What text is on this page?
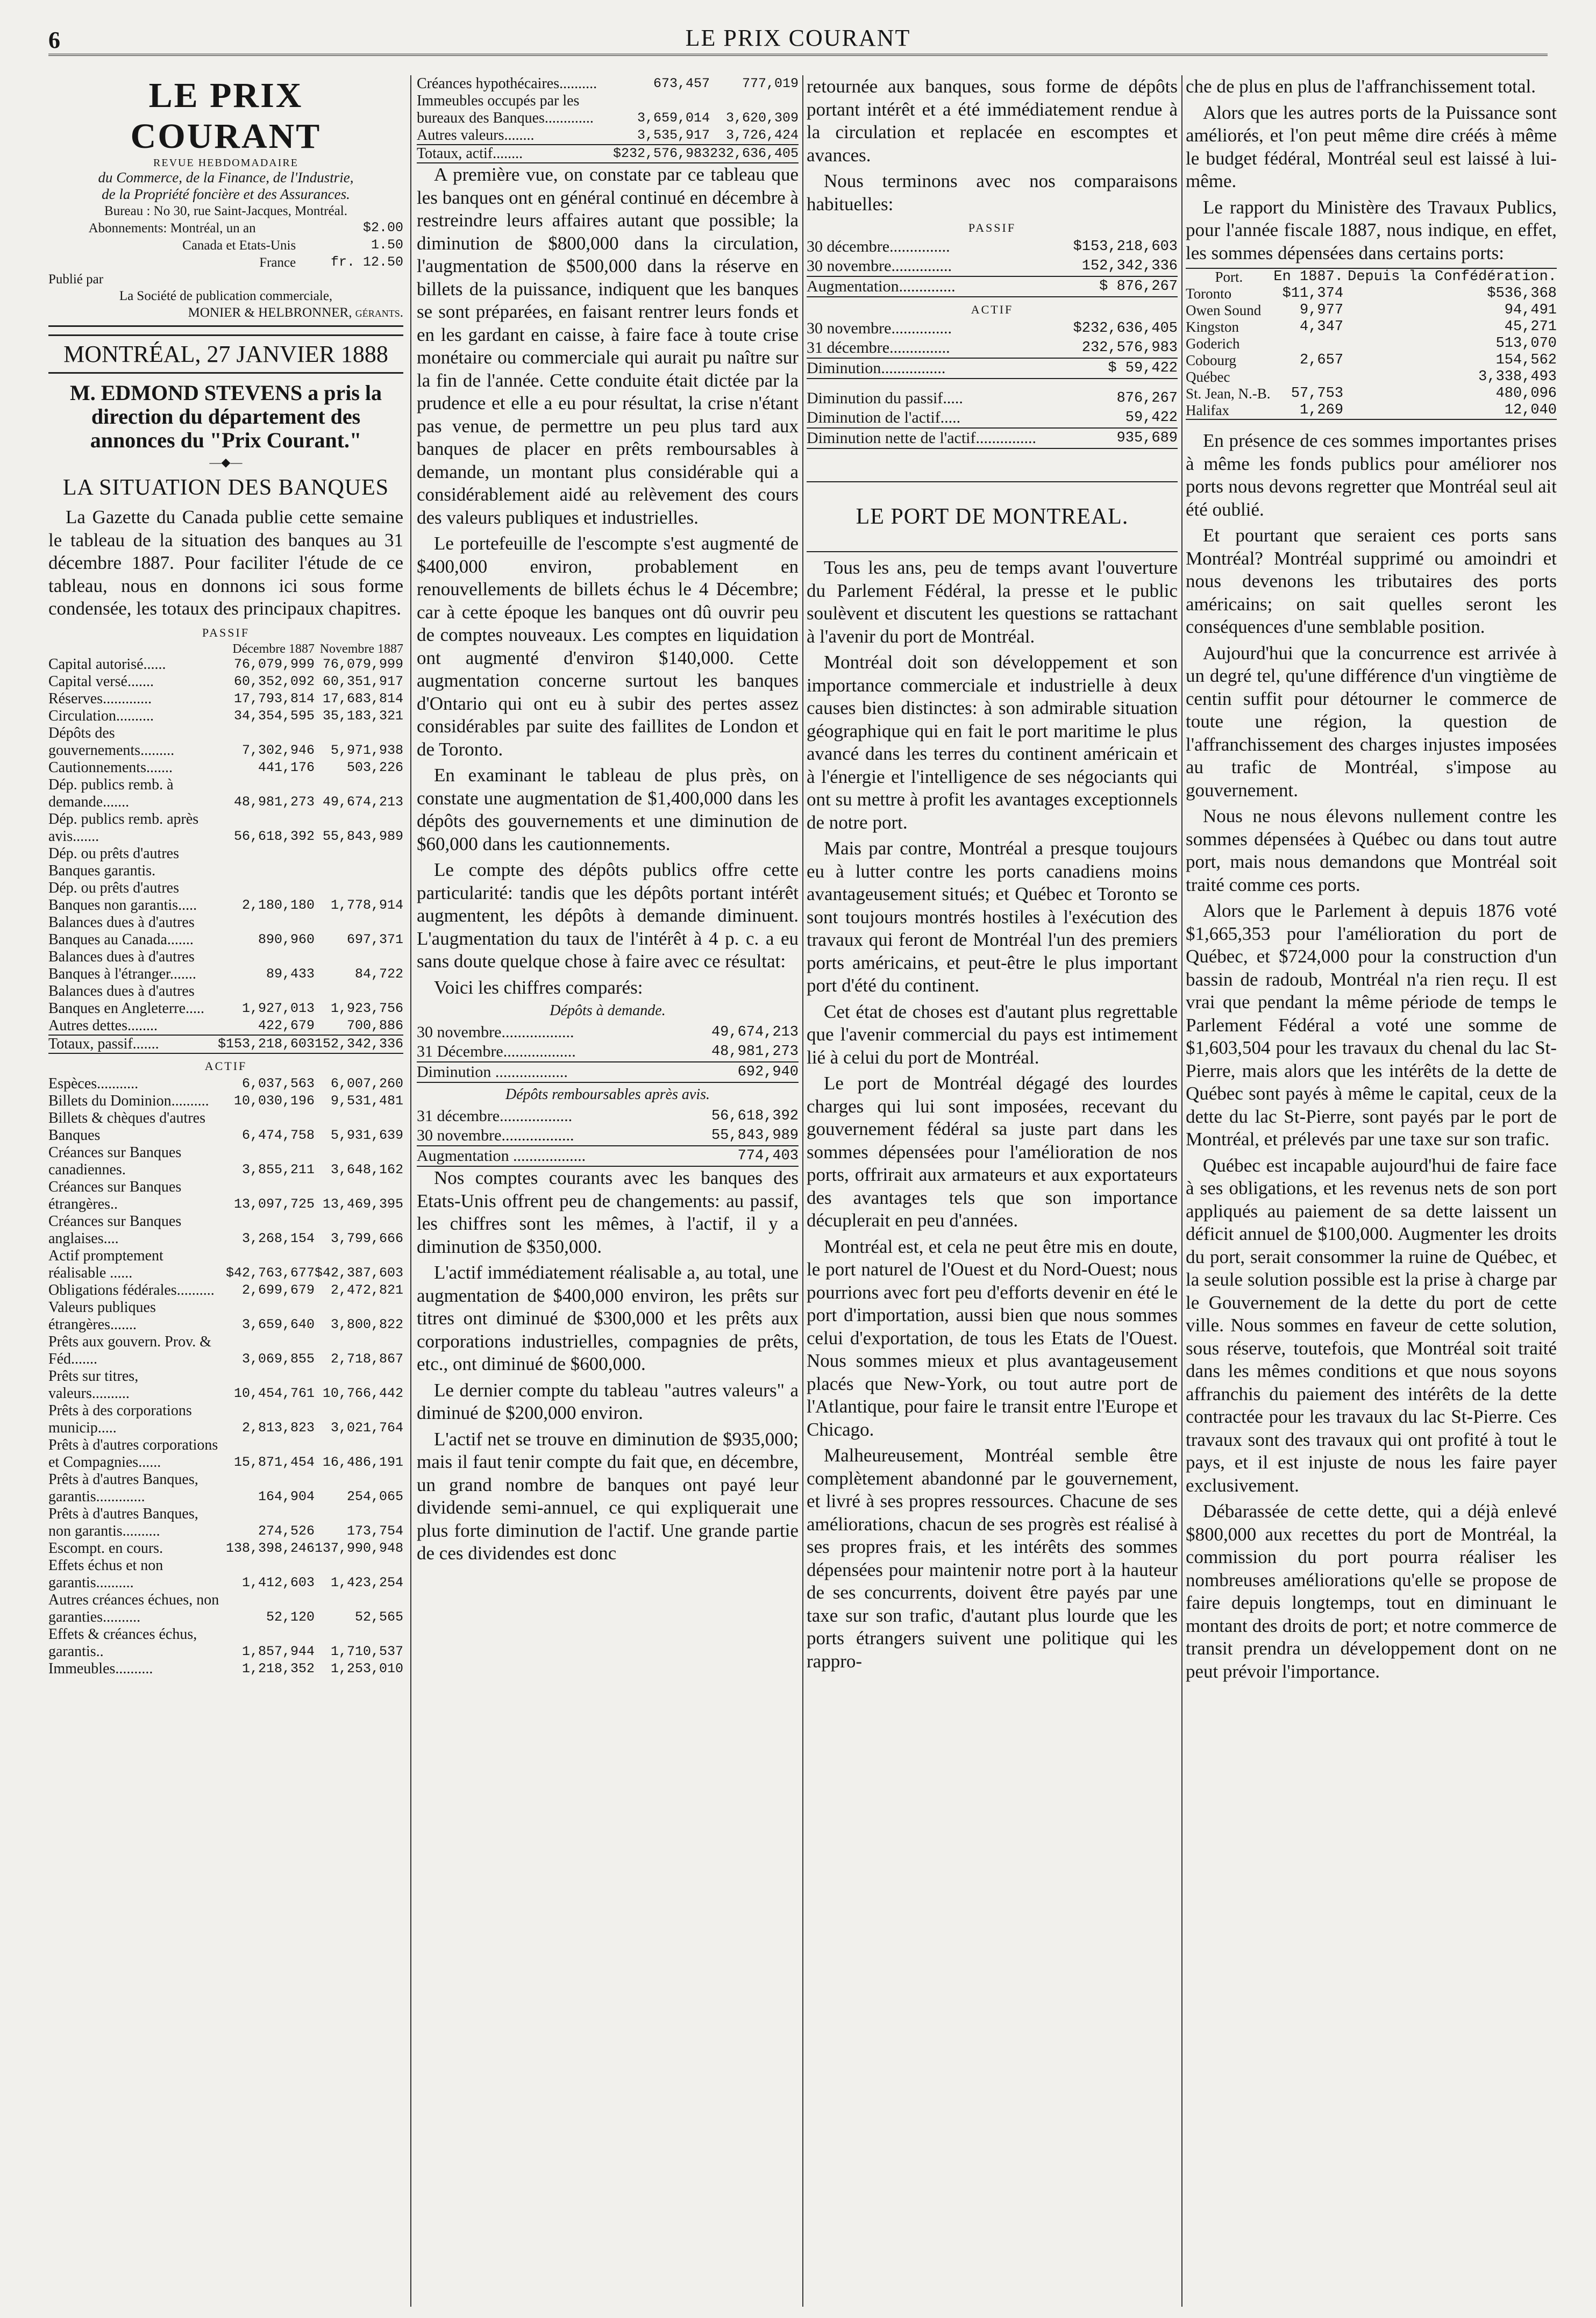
6	LE PRIX COURANT
LE PRIX COURANT
REVUE HEBDOMADAIRE
du Commerce, de la Finance, de l'Industrie,
de la Propriété foncière et des Assurances.
Bureau : No 30, rue Saint-Jacques, Montréal.
Abonnements: Montréal, un an	$2.00
Canada et Etats-Unis	1.50
France	fr. 12.50
Publié par
La Société de publication commerciale,
MONIER & HELBRONNER, gérants.
MONTRÉAL, 27 JANVIER 1888
M. EDMOND STEVENS a pris la direction du département des annonces du "Prix Courant."
—◆—
LA SITUATION DES BANQUES

La Gazette du Canada publie cette semaine le tableau de la situation des banques au 31 décembre 1887. Pour faciliter l'étude de ce tableau, nous en donnons ici sous forme condensée, les totaux des principaux chapitres.

PASSIF
	Décembre 1887	Novembre 1887
Capital autorisé......	76,079,999	76,079,999
Capital versé.......	60,352,092	60,351,917
Réserves.............	17,793,814	17,683,814
Circulation..........	34,354,595	35,183,321
Dépôts des gouvernements.........	7,302,946	5,971,938
Cautionnements.......	441,176	503,226
Dép. publics remb. à demande.......	48,981,273	49,674,213
Dép. publics remb. après avis.......	56,618,392	55,843,989
Dép. ou prêts d'autres Banques garantis.		
Dép. ou prêts d'autres Banques non garantis.....	2,180,180	1,778,914
Balances dues à d'autres Banques au Canada.......	890,960	697,371
Balances dues à d'autres Banques à l'étranger.......	89,433	84,722
Balances dues à d'autres Banques en Angleterre.....	1,927,013	1,923,756
Autres dettes........	422,679	700,886
Totaux, passif.......	$153,218,603	152,342,336
ACTIF
Espèces...........	6,037,563	6,007,260
Billets du Dominion..........	10,030,196	9,531,481
Billets & chèques d'autres Banques	6,474,758	5,931,639
Créances sur Banques canadiennes.	3,855,211	3,648,162
Créances sur Banques étrangères..	13,097,725	13,469,395
Créances sur Banques anglaises....	3,268,154	3,799,666
Actif promptement réalisable ......	$42,763,677	$42,387,603
Obligations fédérales..........	2,699,679	2,472,821
Valeurs publiques étrangères.......	3,659,640	3,800,822
Prêts aux gouvern. Prov. & Féd.......	3,069,855	2,718,867
Prêts sur titres, valeurs..........	10,454,761	10,766,442
Prêts à des corporations municip.....	2,813,823	3,021,764
Prêts à d'autres corporations et Compagnies......	15,871,454	16,486,191
Prêts à d'autres Banques, garantis.............	164,904	254,065
Prêts à d'autres Banques, non garantis..........	274,526	173,754
Escompt. en cours.	138,398,246	137,990,948
Effets échus et non garantis..........	1,412,603	1,423,254
Autres créances échues, non garanties..........	52,120	52,565
Effets & créances échus, garantis..	1,857,944	1,710,537
Immeubles..........	1,218,352	1,253,010
Créances hypothécaires..........	673,457	777,019
Immeubles occupés par les bureaux des Banques.............	3,659,014	3,620,309
Autres valeurs........	3,535,917	3,726,424
Totaux, actif........	$232,576,983	232,636,405

A première vue, on constate par ce tableau que les banques ont en général continué en décembre à restreindre leurs affaires autant que possible; la diminution de $800,000 dans la circulation, l'augmentation de $500,000 dans la réserve en billets de la puissance, indiquent que les banques se sont préparées, en faisant rentrer leurs fonds et en les gardant en caisse, à faire face à toute crise monétaire ou commerciale qui aurait pu naître sur la fin de l'année. Cette conduite était dictée par la prudence et elle a eu pour résultat, la crise n'étant pas venue, de permettre un peu plus tard aux banques de placer en prêts remboursables à demande, un montant plus considérable qui a considérablement aidé au relèvement des cours des valeurs publiques et industrielles.

Le portefeuille de l'escompte s'est augmenté de $400,000 environ, probablement en renouvellements de billets échus le 4 Décembre; car à cette époque les banques ont dû ouvrir peu de comptes nouveaux. Les comptes en liquidation ont augmenté d'environ $140,000. Cette augmentation concerne surtout les banques d'Ontario qui ont eu à subir des pertes assez considérables par suite des faillites de London et de Toronto.

En examinant le tableau de plus près, on constate une augmentation de $1,400,000 dans les dépôts des gouvernements et une diminution de $60,000 dans les cautionnements.

Le compte des dépôts publics offre cette particularité: tandis que les dépôts portant intérêt augmentent, les dépôts à demande diminuent. L'augmentation du taux de l'intérêt à 4 p. c. a eu sans doute quelque chose à faire avec ce résultat:

Voici les chiffres comparés:

Dépôts à demande.
30 novembre..................	49,674,213
31 Décembre..................	48,981,273
Diminution ..................	692,940
Dépôts remboursables après avis.
31 décembre..................	56,618,392
30 novembre..................	55,843,989
Augmentation ..................	774,403

Nos comptes courants avec les banques des Etats-Unis offrent peu de changements: au passif, les chiffres sont les mêmes, à l'actif, il y a diminution de $350,000.

L'actif immédiatement réalisable a, au total, une augmentation de $400,000 environ, les prêts sur titres ont diminué de $300,000 et les prêts aux corporations industrielles, compagnies de prêts, etc., ont diminué de $600,000.

Le dernier compte du tableau "autres valeurs" a diminué de $200,000 environ.

L'actif net se trouve en diminution de $935,000; mais il faut tenir compte du fait que, en décembre, un grand nombre de banques ont payé leur dividende semi-annuel, ce qui expliquerait une plus forte diminution de l'actif. Une grande partie de ces dividendes est donc

retournée aux banques, sous forme de dépôts portant intérêt et a été immédiatement rendue à la circulation et replacée en escomptes et avances.

Nous terminons avec nos comparaisons habituelles:

PASSIF
30 décembre...............	$153,218,603
30 novembre...............	152,342,336
Augmentation..............	$ 876,267
ACTIF
30 novembre...............	$232,636,405
31 décembre...............	232,576,983
Diminution................	$ 59,422
Diminution du passif.....	876,267
Diminution de l'actif.....	59,422
Diminution nette de l'actif...............	935,689
LE PORT DE MONTREAL.

Tous les ans, peu de temps avant l'ouverture du Parlement Fédéral, la presse et le public soulèvent et discutent les questions se rattachant à l'avenir du port de Montréal.

Montréal doit son développement et son importance commerciale et industrielle à deux causes bien distinctes: à son admirable situation géographique qui en fait le port maritime le plus avancé dans les terres du continent américain et à l'énergie et l'intelligence de ses négociants qui ont su mettre à profit les avantages exceptionnels de notre port.

Mais par contre, Montréal a presque toujours eu à lutter contre les ports canadiens moins avantageusement situés; et Québec et Toronto se sont toujours montrés hostiles à l'exécution des travaux qui feront de Montréal l'un des premiers ports américains, et peut-être le plus important port d'été du continent.

Cet état de choses est d'autant plus regrettable que l'avenir commercial du pays est intimement lié à celui du port de Montréal.

Le port de Montréal dégagé des lourdes charges qui lui sont imposées, recevant du gouvernement fédéral sa juste part dans les sommes dépensées pour l'amélioration de nos ports, offrirait aux armateurs et aux exportateurs des avantages tels que son importance décuplerait en peu d'années.

Montréal est, et cela ne peut être mis en doute, le port naturel de l'Ouest et du Nord-Ouest; nous pourrions avec fort peu d'efforts devenir en été le port d'importation, aussi bien que nous sommes celui d'exportation, de tous les Etats de l'Ouest. Nous sommes mieux et plus avantageusement placés que New-York, ou tout autre port de l'Atlantique, pour faire le transit entre l'Europe et Chicago.

Malheureusement, Montréal semble être complètement abandonné par le gouvernement, et livré à ses propres ressources. Chacune de ses améliorations, chacun de ses progrès est réalisé à ses propres frais, et les intérêts des sommes dépensées pour maintenir notre port à la hauteur de ses concurrents, doivent être payés par une taxe sur son trafic, d'autant plus lourde que les ports étrangers suivent une politique qui les rappro-

che de plus en plus de l'affranchissement total.

Alors que les autres ports de la Puissance sont améliorés, et l'on peut même dire créés à même le budget fédéral, Montréal seul est laissé à lui-même.

Le rapport du Ministère des Travaux Publics, pour l'année fiscale 1887, nous indique, en effet, les sommes dépensées dans certains ports:

Port.	En 1887.	Depuis la Confédération.
Toronto	$11,374	$536,368
Owen Sound	9,977	94,491
Kingston	4,347	45,271
Goderich		513,070
Cobourg	2,657	154,562
Québec		3,338,493
St. Jean, N.-B.	57,753	480,096
Halifax	1,269	12,040

En présence de ces sommes importantes prises à même les fonds publics pour améliorer nos ports nous devons regretter que Montréal seul ait été oublié.

Et pourtant que seraient ces ports sans Montréal? Montréal supprimé ou amoindri et nous devenons les tributaires des ports américains; on sait quelles seront les conséquences d'une semblable position.

Aujourd'hui que la concurrence est arrivée à un degré tel, qu'une différence d'un vingtième de centin suffit pour détourner le commerce de toute une région, la question de l'affranchissement des charges injustes imposées au trafic de Montréal, s'impose au gouvernement.

Nous ne nous élevons nullement contre les sommes dépensées à Québec ou dans tout autre port, mais nous demandons que Montréal soit traité comme ces ports.

Alors que le Parlement à depuis 1876 voté $1,665,353 pour l'amélioration du port de Québec, et $724,000 pour la construction d'un bassin de radoub, Montréal n'a rien reçu. Il est vrai que pendant la même période de temps le Parlement Fédéral a voté une somme de $1,603,504 pour les travaux du chenal du lac St-Pierre, mais alors que les intérêts de la dette de Québec sont payés à même le capital, ceux de la dette du lac St-Pierre, sont payés par le port de Montréal, et prélevés par une taxe sur son trafic.

Québec est incapable aujourd'hui de faire face à ses obligations, et les revenus nets de son port appliqués au paiement de sa dette laissent un déficit annuel de $100,000. Augmenter les droits du port, serait consommer la ruine de Québec, et la seule solution possible est la prise à charge par le Gouvernement de la dette du port de cette ville. Nous sommes en faveur de cette solution, sous réserve, toutefois, que Montréal soit traité dans les mêmes conditions et que nous soyons affranchis du paiement des intérêts de la dette contractée pour les travaux du lac St-Pierre. Ces travaux sont des travaux qui ont profité à tout le pays, et il est injuste de nous les faire payer exclusivement.

Débarassée de cette dette, qui a déjà enlevé $800,000 aux recettes du port de Montréal, la commission du port pourra réaliser les nombreuses améliorations qu'elle se propose de faire depuis longtemps, tout en diminuant le montant des droits de port; et notre commerce de transit prendra un développement dont on ne peut prévoir l'importance.
